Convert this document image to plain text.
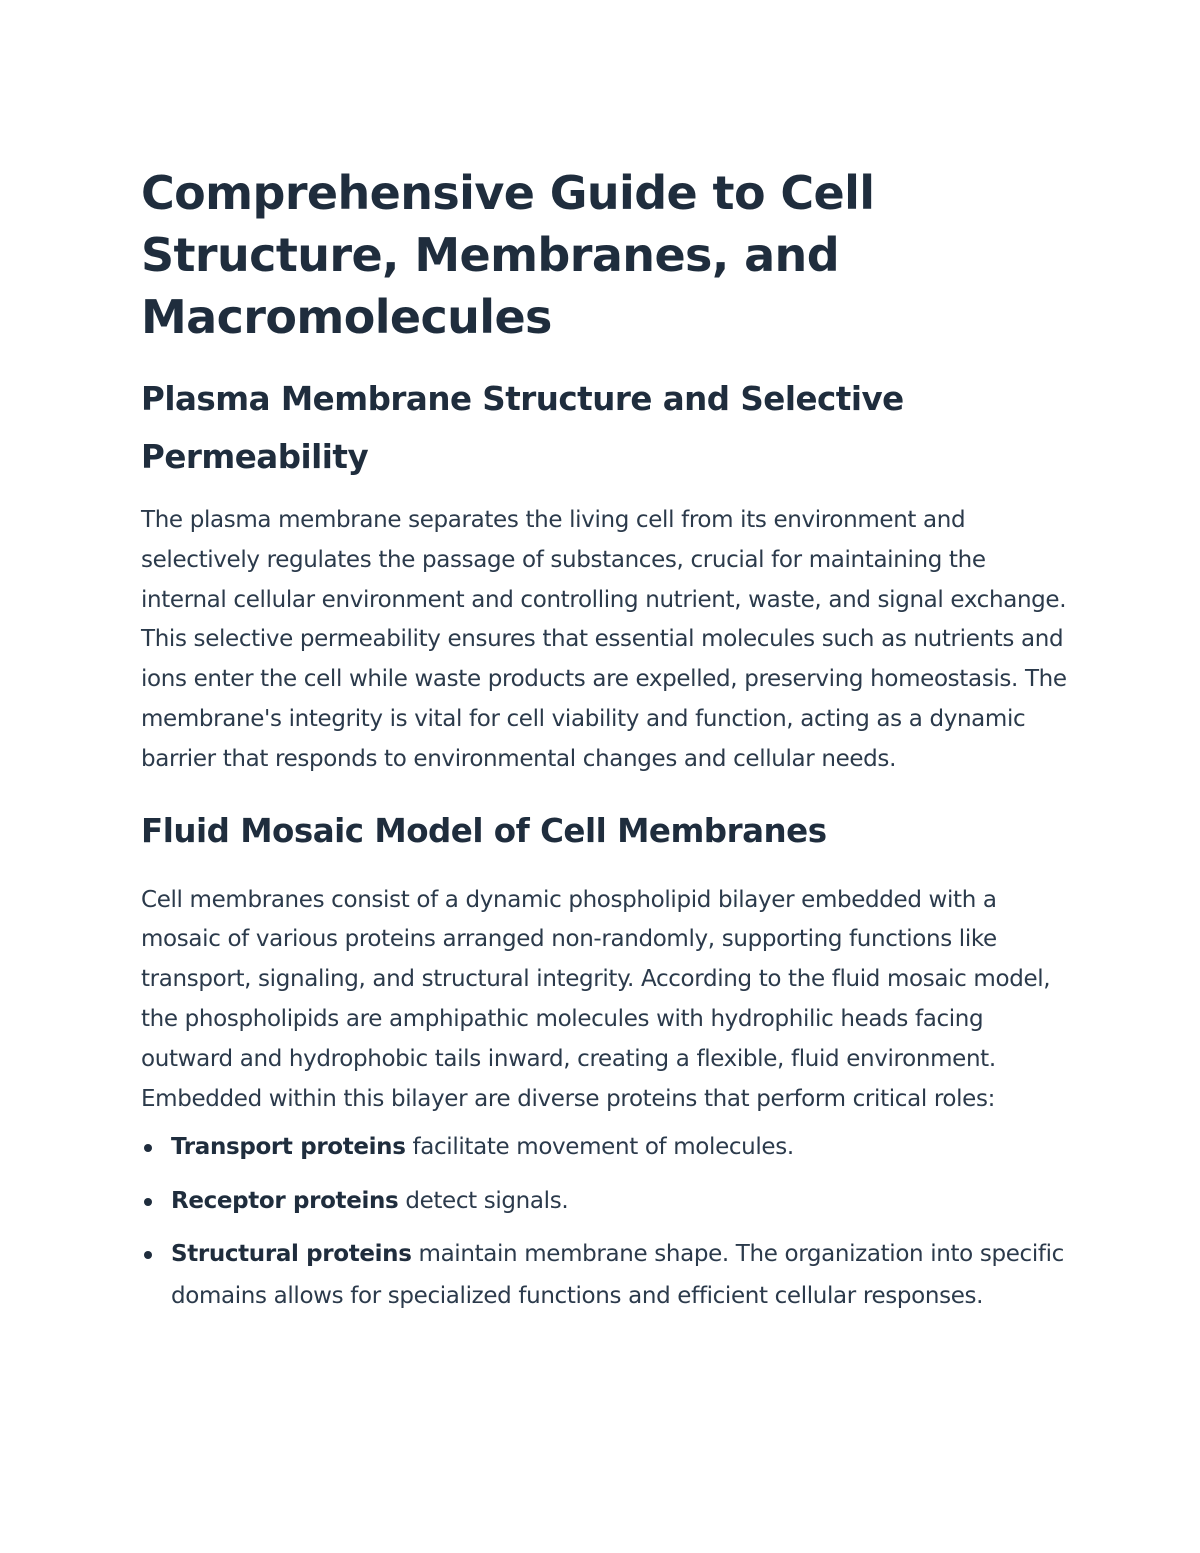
Comprehensive Guide to Cell Structure, Membranes, and Macromolecules
Plasma Membrane Structure and Selective Permeability

The plasma membrane separates the living cell from its environment and selectively regulates the passage of substances, crucial for maintaining the internal cellular environment and controlling nutrient, waste, and signal exchange. This selective permeability ensures that essential molecules such as nutrients and ions enter the cell while waste products are expelled, preserving homeostasis. The membrane's integrity is vital for cell viability and function, acting as a dynamic barrier that responds to environmental changes and cellular needs.

Fluid Mosaic Model of Cell Membranes

Cell membranes consist of a dynamic phospholipid bilayer embedded with a mosaic of various proteins arranged non-randomly, supporting functions like transport, signaling, and structural integrity. According to the fluid mosaic model, the phospholipids are amphipathic molecules with hydrophilic heads facing outward and hydrophobic tails inward, creating a flexible, fluid environment. Embedded within this bilayer are diverse proteins that perform critical roles:

Transport proteins facilitate movement of molecules.
Receptor proteins detect signals.
Structural proteins maintain membrane shape. The organization into specific domains allows for specialized functions and efficient cellular responses.
